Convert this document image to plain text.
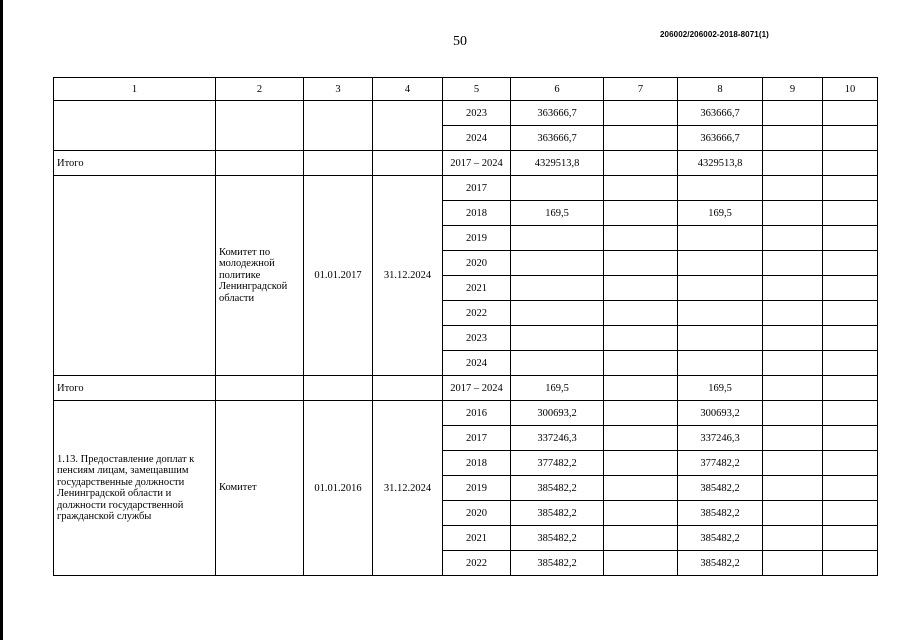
50	206002/206002-2018-8071(1)
1	2	3	4	5	6	7	8	9	10
				2023	363666,7		363666,7		
				2024	363666,7		363666,7		
Итого				2017 – 2024	4329513,8		4329513,8		
	Комитет по молодежной политике Ленинградской области	01.01.2017	31.12.2024	2017					
				2018	169,5		169,5		
				2019					
				2020					
				2021					
				2022					
				2023					
				2024					
Итого				2017 – 2024	169,5		169,5		
1.13. Предоставление доплат к пенсиям лицам, замещавшим государственные должности Ленинградской области и должности государственной гражданской службы	Комитет	01.01.2016	31.12.2024	2016	300693,2		300693,2		
				2017	337246,3		337246,3		
				2018	377482,2		377482,2		
				2019	385482,2		385482,2		
				2020	385482,2		385482,2		
				2021	385482,2		385482,2		
				2022	385482,2		385482,2		
